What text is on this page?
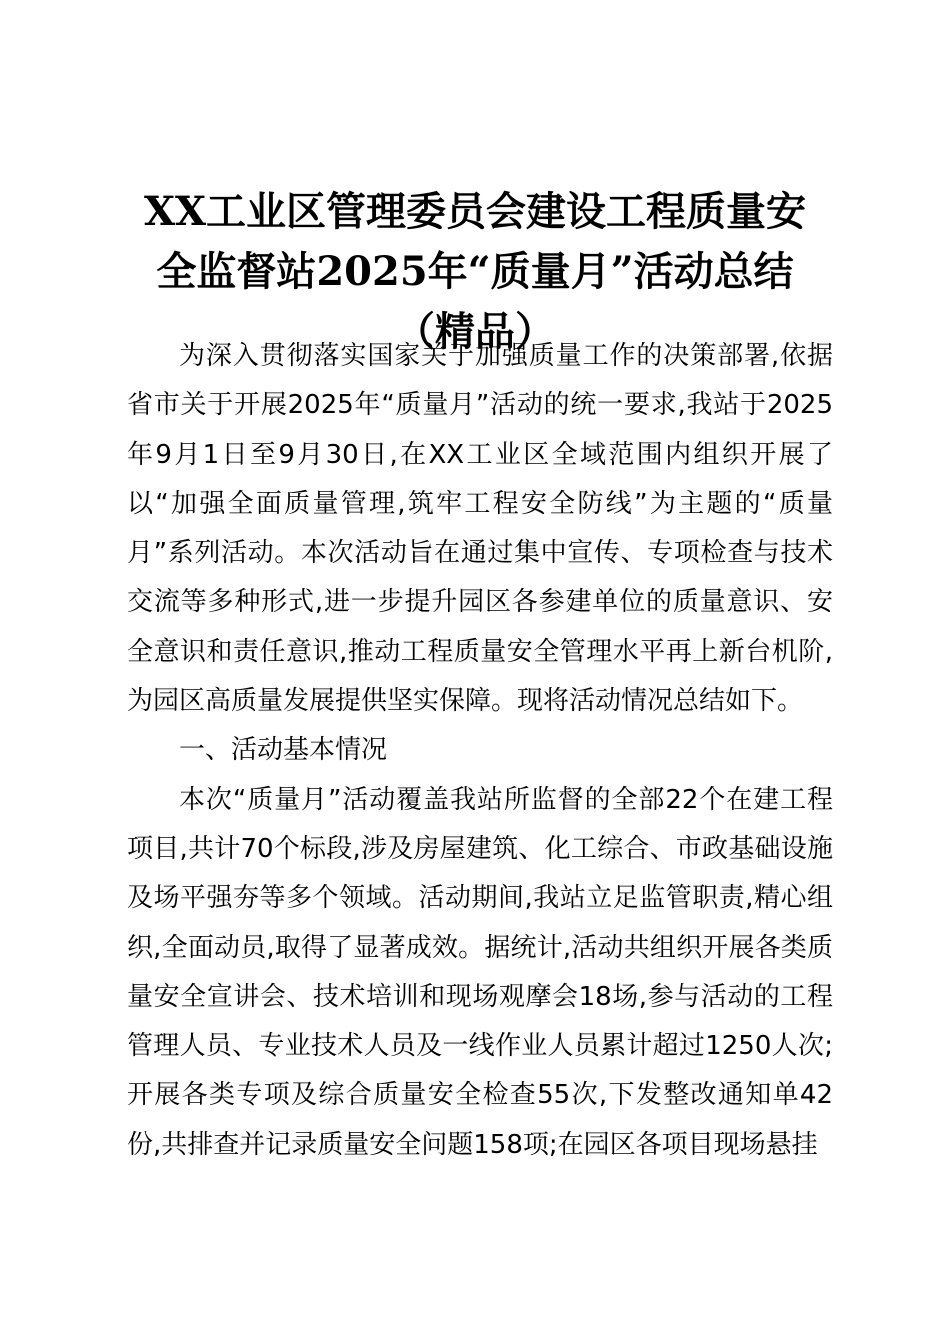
XX工业区管理委员会建设工程质量安
全监督站2025年“质量月”活动总结
（精品）

为深入贯彻落实国家关于加强质量工作的决策部署,依据省市关于开展2025年“质量月”活动的统一要求,我站于2025年9月1日至9月30日,在XX工业区全域范围内组织开展了以“加强全面质量管理,筑牢工程安全防线”为主题的“质量月”系列活动。本次活动旨在通过集中宣传、专项检查与技术交流等多种形式,进一步提升园区各参建单位的质量意识、安全意识和责任意识,推动工程质量安全管理水平再上新台机阶,为园区高质量发展提供坚实保障。现将活动情况总结如下。

一、活动基本情况

本次“质量月”活动覆盖我站所监督的全部22个在建工程项目,共计70个标段,涉及房屋建筑、化工综合、市政基础设施及场平强夯等多个领域。活动期间,我站立足监管职责,精心组织,全面动员,取得了显著成效。据统计,活动共组织开展各类质量安全宣讲会、技术培训和现场观摩会18场,参与活动的工程管理人员、专业技术人员及一线作业人员累计超过1250人次;开展各类专项及综合质量安全检查55次,下发整改通知单42份,共排查并记录质量安全问题158项;在园区各项目现场悬挂
